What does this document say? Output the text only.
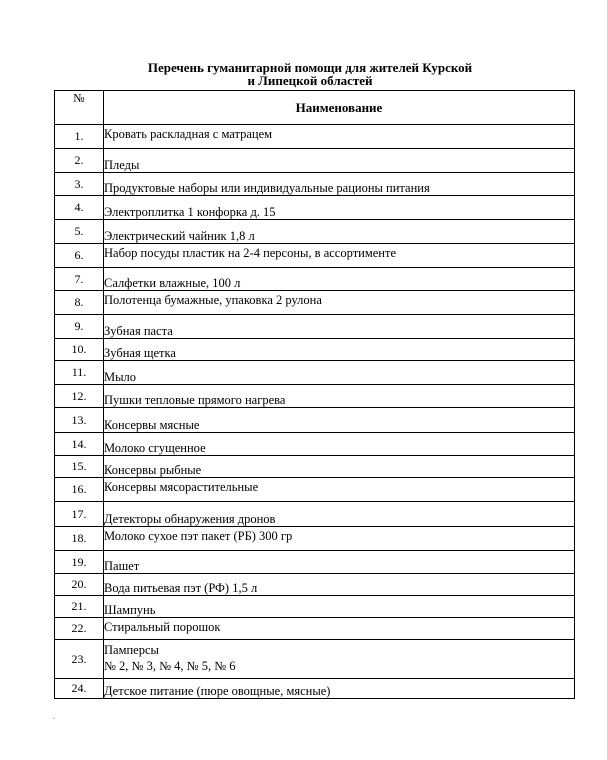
Перечень гуманитарной помощи для жителей Курской
и Липецкой областей
№	Наименование
1.	Кровать раскладная с матрацем

2.	Пледы

3.	Продуктовые наборы или индивидуальные рационы питания

4.	Электроплитка 1 конфорка д. 15

5.	Электрический чайник 1,8 л

6.	Набор посуды пластик на 2-4 персоны, в ассортименте

7.	Салфетки влажные, 100 л

8.	Полотенца бумажные, упаковка 2 рулона

9.	Зубная паста

10.	Зубная щетка

11.	Мыло

12.	Пушки тепловые прямого нагрева

13.	Консервы мясные

14.	Молоко сгущенное

15.	Консервы рыбные

16.	Консервы мясорастительные

17.	Детекторы обнаружения дронов

18.	Молоко сухое пэт пакет (РБ) 300 гр

19.	Пашет

20.	Вода питьевая пэт (РФ) 1,5 л

21.	Шампунь

22.	Стиральный порошок

23.	Памперсы
№ 2, № 3, № 4, № 5, № 6

24.	Детское питание (пюре овощные, мясные)
.
